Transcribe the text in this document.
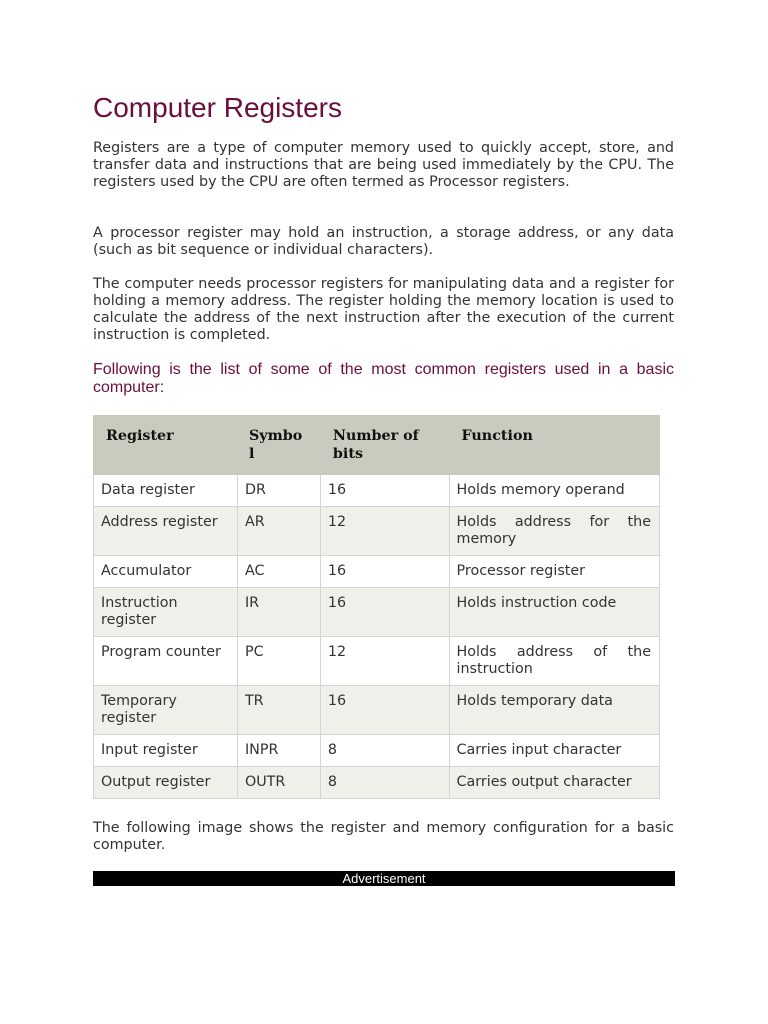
Computer Registers

Registers are a type of computer memory used to quickly accept, store, and transfer data and instructions that are being used immediately by the CPU. The registers used by the CPU are often termed as Processor registers.

A processor register may hold an instruction, a storage address, or any data (such as bit sequence or individual characters).

The computer needs processor registers for manipulating data and a register for holding a memory address. The register holding the memory location is used to calculate the address of the next instruction after the execution of the current instruction is completed.

Following is the list of some of the most common registers used in a basic computer:

Register	Symbo l	Number of bits	Function
Data register	DR	16	Holds memory operand
Address register	AR	12	Holds address for the memory
Accumulator	AC	16	Processor register
Instruction register	IR	16	Holds instruction code
Program counter	PC	12	Holds address of the instruction
Temporary register	TR	16	Holds temporary data
Input register	INPR	8	Carries input character
Output register	OUTR	8	Carries output character

The following image shows the register and memory configuration for a basic computer.

Advertisement
